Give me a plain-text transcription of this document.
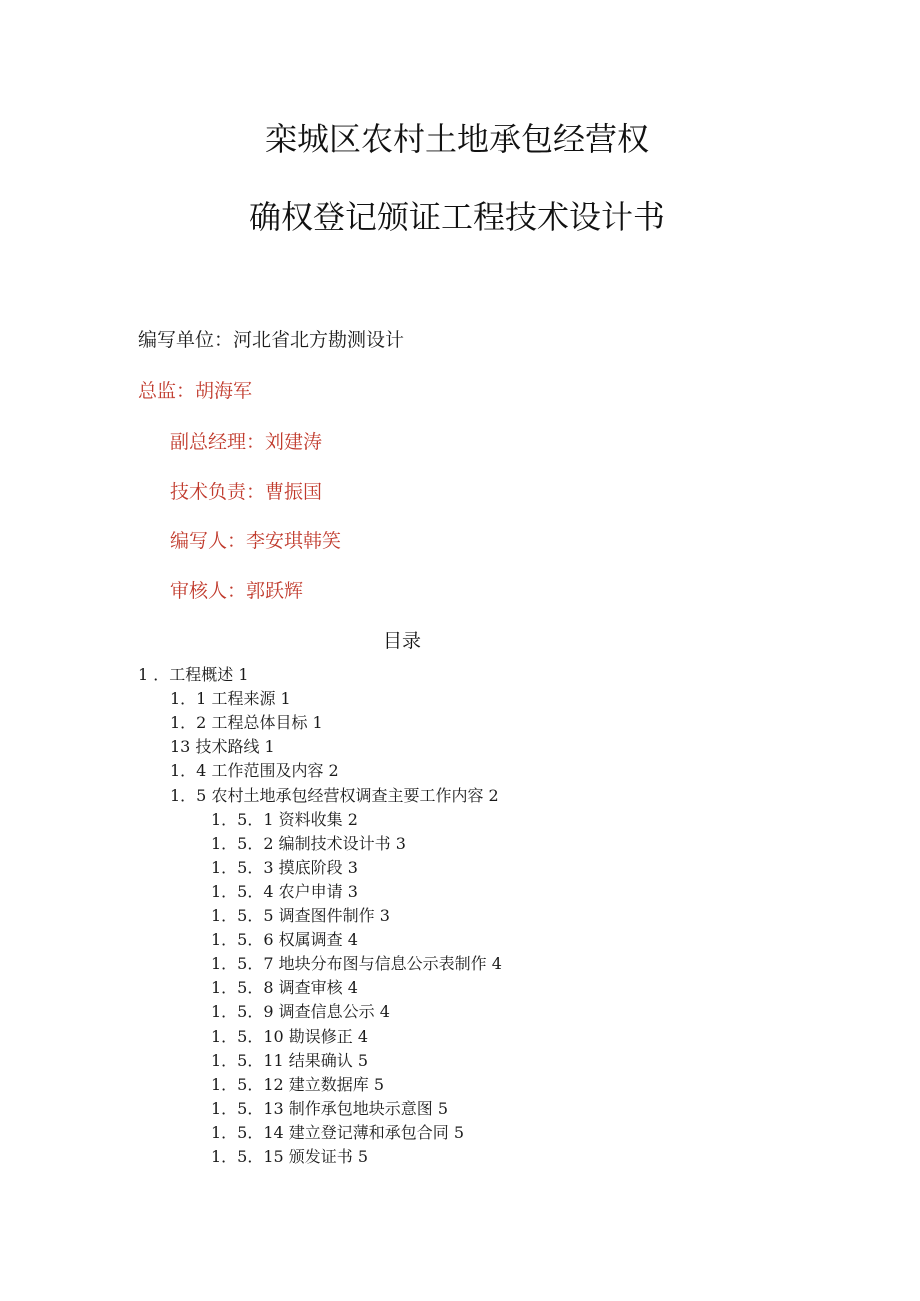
栾城区农村土地承包经营权
确权登记颁证工程技术设计书
编写单位：河北省北方勘测设计
总监：胡海军
副总经理：刘建涛
技术负责：曹振国
编写人：李安琪韩笑
审核人：郭跃辉
目录
1 ．工程概述 1
1．1 工程来源 1
1．2 工程总体目标 1
13 技术路线 1
1．4 工作范围及内容 2
1．5 农村土地承包经营权调查主要工作内容 2
1．5．1 资料收集 2
1．5．2 编制技术设计书 3
1．5．3 摸底阶段 3
1．5．4 农户申请 3
1．5．5 调查图件制作 3
1．5．6 权属调查 4
1．5．7 地块分布图与信息公示表制作 4
1．5．8 调查审核 4
1．5．9 调查信息公示 4
1．5．10 勘误修正 4
1．5．11 结果确认 5
1．5．12 建立数据库 5
1．5．13 制作承包地块示意图 5
1．5．14 建立登记薄和承包合同 5
1．5．15 颁发证书 5
